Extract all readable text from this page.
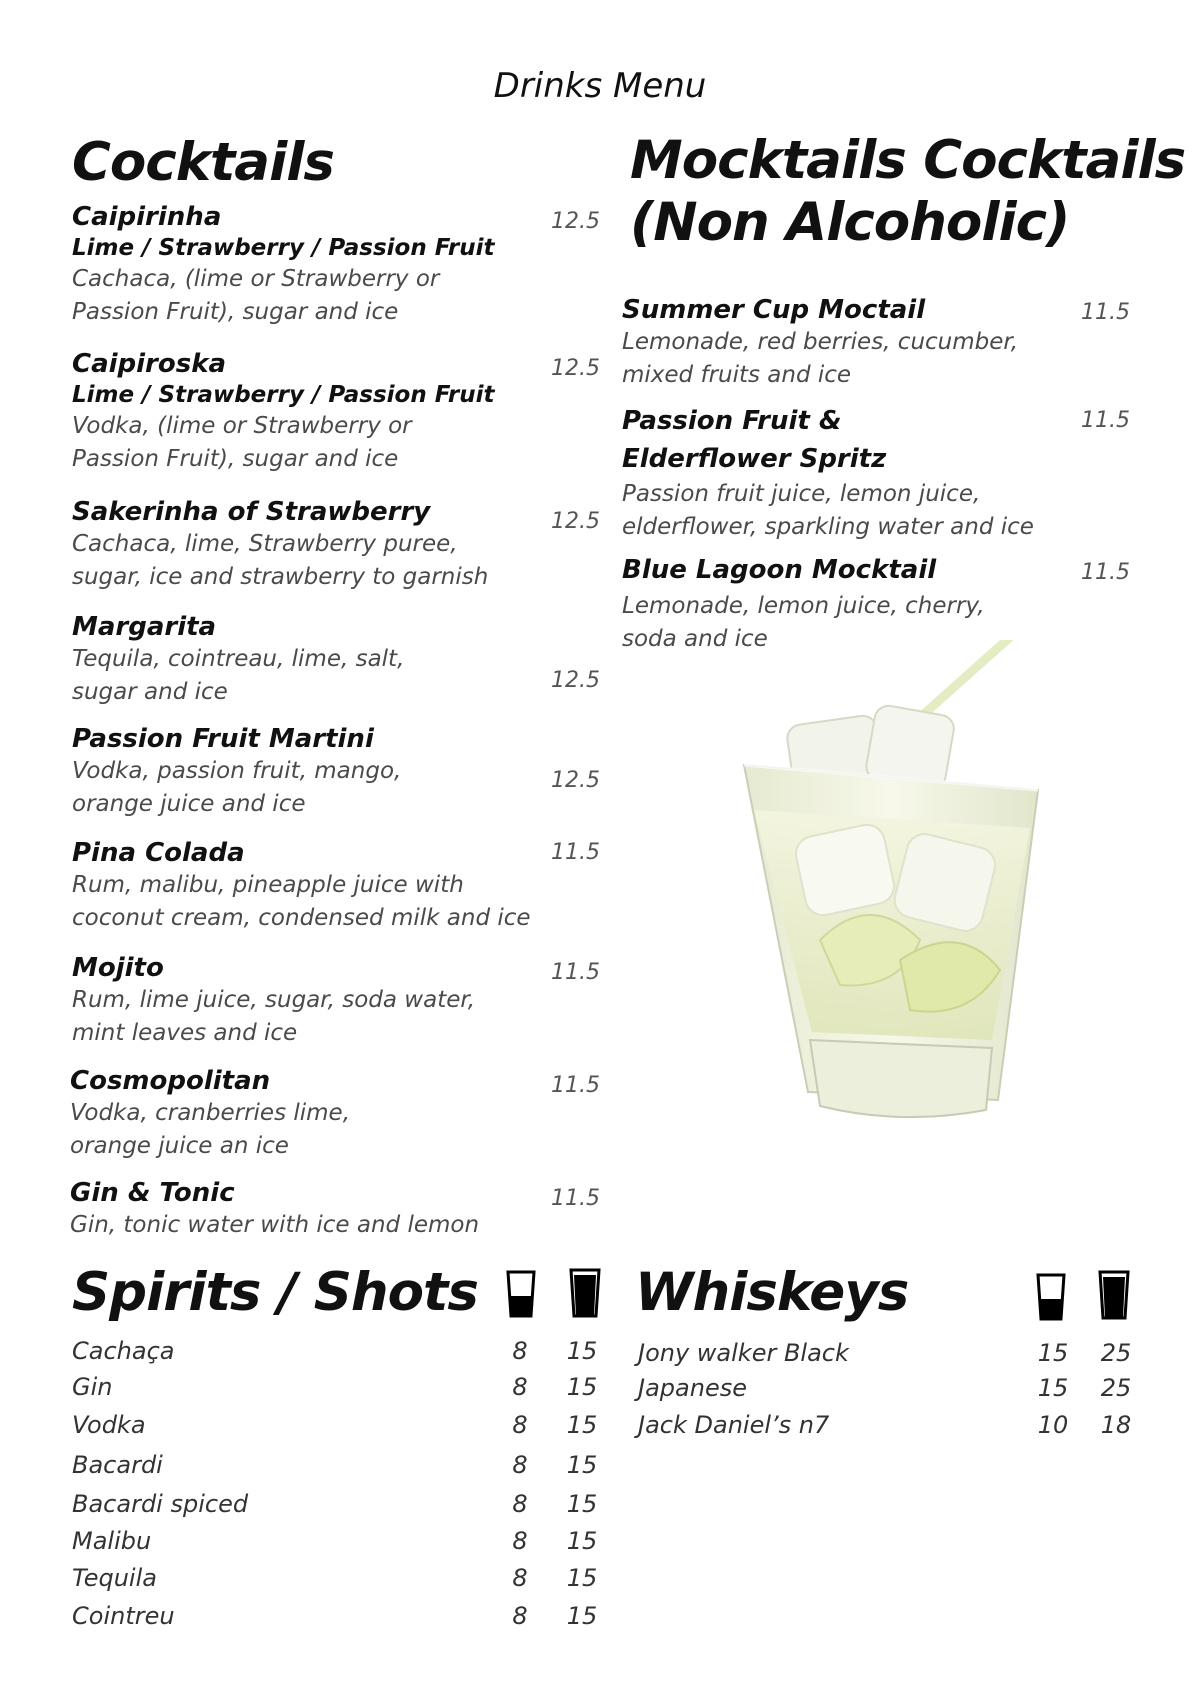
Drinks Menu
Cocktails
Caipirinha
Lime / Strawberry / Passion Fruit
Cachaca, (lime or Strawberry or
Passion Fruit), sugar and ice
12.5
Caipiroska
Lime / Strawberry / Passion Fruit
Vodka, (lime or Strawberry or
Passion Fruit), sugar and ice
12.5
Sakerinha of Strawberry
Cachaca, lime, Strawberry puree,
sugar, ice and strawberry to garnish
12.5
Margarita
Tequila, cointreau, lime, salt,
sugar and ice	12.5
Passion Fruit Martini
Vodka, passion fruit, mango,
orange juice and ice
12.5
Pina Colada
Rum, malibu, pineapple juice with
coconut cream, condensed milk and ice
11.5
Mojito
Rum, lime juice, sugar, soda water,
mint leaves and ice
11.5
Cosmopolitan
Vodka, cranberries lime,
orange juice an ice
11.5
Gin & Tonic
Gin, tonic water with ice and lemon
11.5
Mocktails Cocktails
(Non Alcoholic)
Summer Cup Moctail
Lemonade, red berries, cucumber,
mixed fruits and ice
11.5
Passion Fruit &
Elderflower Spritz
Passion fruit juice, lemon juice,
elderflower, sparkling water and ice
11.5
Blue Lagoon Mocktail
Lemonade, lemon juice, cherry,
soda and ice
11.5
Spirits / Shots
Cachaça	8	15
Gin	8	15
Vodka	8	15
Bacardi	8	15
Bacardi spiced	8	15
Malibu	8	15
Tequila	8	15
Cointreu	8	15
Whiskeys
Jony walker Black	15 25
Japanese	15 25
Jack Daniel’s n7	10 18
